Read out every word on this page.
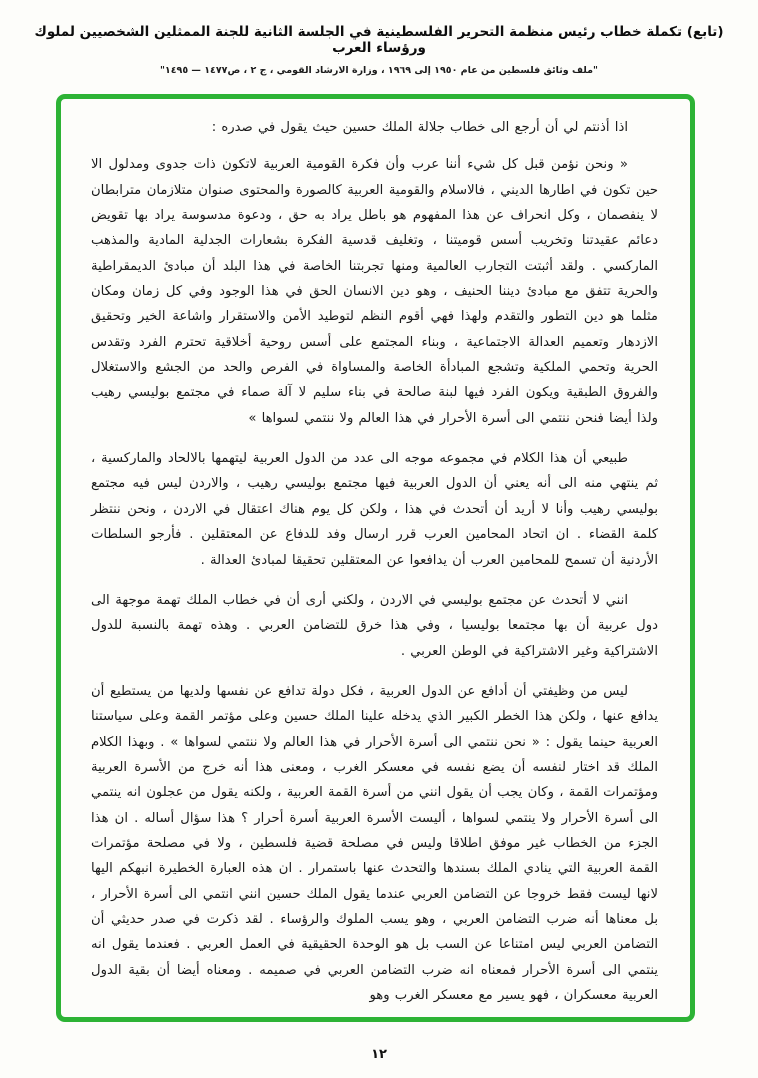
(تابع) تكملة خطاب رئيس منظمة التحرير الفلسطينية في الجلسة الثانية للجنة الممثلين الشخصيين لملوك ورؤساء العرب
"ملف وثائق فلسطين من عام ١٩٥٠ إلى ١٩٦٩ ، وزارة الارشاد القومي ، ج ٢ ، ص١٤٧٧ — ١٤٩٥"

اذا أذنتم لي أن أرجع الى خطاب جلالة الملك حسين حيث يقول في صدره :

« ونحن نؤمن قبل كل شيء أننا عرب وأن فكرة القومية العربية لاتكون ذات جدوى ومدلول الا حين تكون في اطارها الديني ، فالاسلام والقومية العربية كالصورة والمحتوى صنوان متلازمان مترابطان لا ينفصمان ، وكل انحراف عن هذا المفهوم هو باطل يراد به حق ، ودعوة مدسوسة يراد بها تقويض دعائم عقيدتنا وتخريب أسس قوميتنا ، وتغليف قدسية الفكرة بشعارات الجدلية المادية والمذهب الماركسي . ولقد أثبتت التجارب العالمية ومنها تجربتنا الخاصة في هذا البلد أن مبادئ الديمقراطية والحرية تتفق مع مبادئ ديننا الحنيف ، وهو دين الانسان الحق في هذا الوجود وفي كل زمان ومكان مثلما هو دين التطور والتقدم ولهذا فهي أقوم النظم لتوطيد الأمن والاستقرار واشاعة الخير وتحقيق الازدهار وتعميم العدالة الاجتماعية ، وبناء المجتمع على أسس روحية أخلاقية تحترم الفرد وتقدس الحرية وتحمي الملكية وتشجع المبادأة الخاصة والمساواة في الفرص والحد من الجشع والاستغلال والفروق الطبقية ويكون الفرد فيها لبنة صالحة في بناء سليم لا آلة صماء في مجتمع بوليسي رهيب ولذا أيضا فنحن ننتمي الى أسرة الأحرار في هذا العالم ولا ننتمي لسواها »

طبيعي أن هذا الكلام في مجموعه موجه الى عدد من الدول العربية ليتهمها بالالحاد والماركسية ، ثم ينتهي منه الى أنه يعني أن الدول العربية فيها مجتمع بوليسي رهيب ، والاردن ليس فيه مجتمع بوليسي رهيب وأنا لا أريد أن أتحدث في هذا ، ولكن كل يوم هناك اعتقال في الاردن ، ونحن ننتظر كلمة القضاء . ان اتحاد المحامين العرب قرر ارسال وفد للدفاع عن المعتقلين . فأرجو السلطات الأردنية أن تسمح للمحامين العرب أن يدافعوا عن المعتقلين تحقيقا لمبادئ العدالة .

انني لا أتحدث عن مجتمع بوليسي في الاردن ، ولكني أرى أن في خطاب الملك تهمة موجهة الى دول عربية أن بها مجتمعا بوليسيا ، وفي هذا خرق للتضامن العربي . وهذه تهمة بالنسبة للدول الاشتراكية وغير الاشتراكية في الوطن العربي .

ليس من وظيفتي أن أدافع عن الدول العربية ، فكل دولة تدافع عن نفسها ولديها من يستطيع أن يدافع عنها ، ولكن هذا الخطر الكبير الذي يدخله علينا الملك حسين وعلى مؤتمر القمة وعلى سياستنا العربية حينما يقول : « نحن ننتمي الى أسرة الأحرار في هذا العالم ولا ننتمي لسواها » . وبهذا الكلام الملك قد اختار لنفسه أن يضع نفسه في معسكر الغرب ، ومعنى هذا أنه خرج من الأسرة العربية ومؤتمرات القمة ، وكان يجب أن يقول انني من أسرة القمة العربية ، ولكنه يقول من عجلون انه ينتمي الى أسرة الأحرار ولا ينتمي لسواها ، أليست الأسرة العربية أسرة أحرار ؟ هذا سؤال أساله . ان هذا الجزء من الخطاب غير موفق اطلاقا وليس في مصلحة قضية فلسطين ، ولا في مصلحة مؤتمرات القمة العربية التي ينادي الملك بسندها والتحدث عنها باستمرار . ان هذه العبارة الخطيرة انبهكم اليها لانها ليست فقط خروجا عن التضامن العربي عندما يقول الملك حسين انني انتمي الى أسرة الأحرار ، بل معناها أنه ضرب التضامن العربي ، وهو يسب الملوك والرؤساء . لقد ذكرت في صدر حديثي أن التضامن العربي ليس امتناعا عن السب بل هو الوحدة الحقيقية في العمل العربي . فعندما يقول انه ينتمي الى أسرة الأحرار فمعناه انه ضرب التضامن العربي في صميمه . ومعناه أيضا أن بقية الدول العربية معسكران ، فهو يسير مع معسكر الغرب وهو

١٢
